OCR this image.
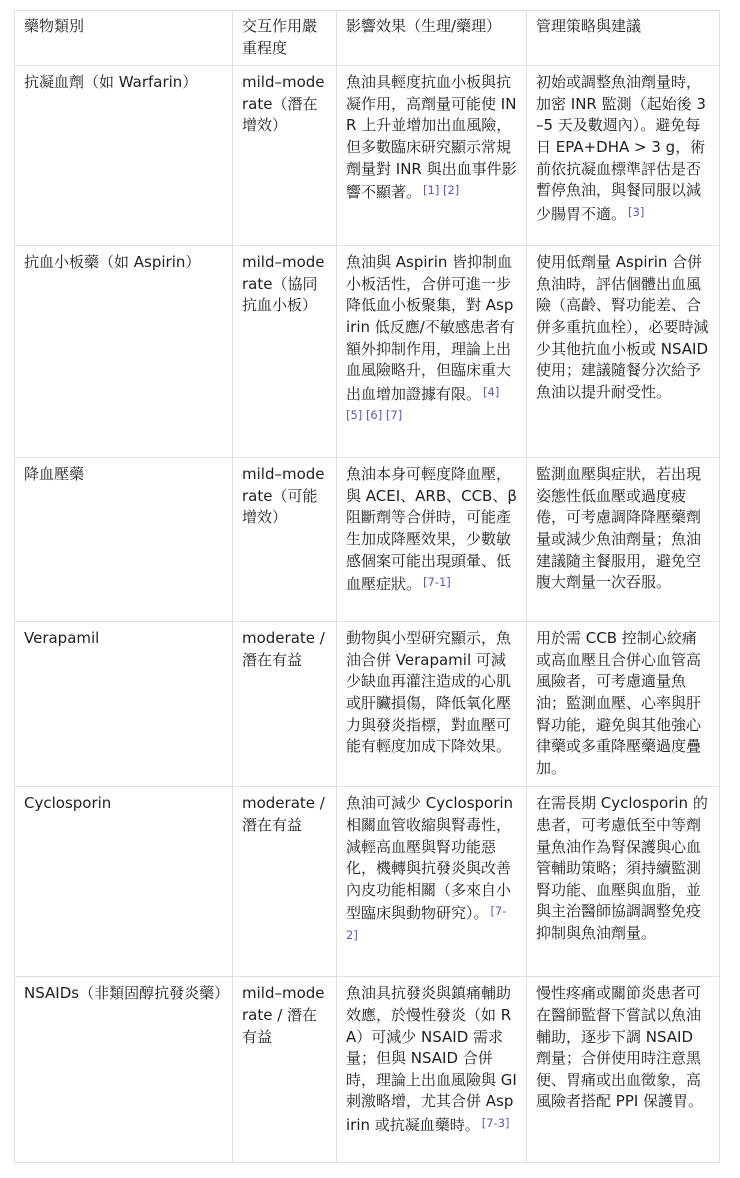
藥物類別	交互作用嚴重程度	影響效果（生理/藥理）	管理策略與建議
抗凝血劑（如 Warfarin）	mild–moderate（潛在增效）	魚油具輕度抗血小板與抗凝作用，高劑量可能使 INR 上升並增加出血風險，但多數臨床研究顯示常規劑量對 INR 與出血事件影響不顯著。 [1] [2]	初始或調整魚油劑量時，加密 INR 監測（起始後 3–5 天及數週內）。避免每日 EPA+DHA > 3 g，術前依抗凝血標準評估是否暫停魚油，與餐同服以減少腸胃不適。 [3]
抗血小板藥（如 Aspirin）	mild–moderate（協同抗血小板）	魚油與 Aspirin 皆抑制血小板活性，合併可進一步降低血小板聚集，對 Aspirin 低反應/不敏感患者有額外抑制作用，理論上出血風險略升，但臨床重大出血增加證據有限。 [4] [5] [6] [7]	使用低劑量 Aspirin 合併魚油時，評估個體出血風險（高齡、腎功能差、合併多重抗血栓），必要時減少其他抗血小板或 NSAID 使用；建議隨餐分次給予魚油以提升耐受性。
降血壓藥	mild–moderate（可能增效）	魚油本身可輕度降血壓，與 ACEI、ARB、CCB、β 阻斷劑等合併時，可能產生加成降壓效果，少數敏感個案可能出現頭暈、低血壓症狀。 [7-1]	監測血壓與症狀，若出現姿態性低血壓或過度疲倦，可考慮調降降壓藥劑量或減少魚油劑量；魚油建議隨主餐服用，避免空腹大劑量一次吞服。
Verapamil	moderate / 潛在有益	動物與小型研究顯示，魚油合併 Verapamil 可減少缺血再灌注造成的心肌或肝臟損傷，降低氧化壓力與發炎指標，對血壓可能有輕度加成下降效果。	用於需 CCB 控制心絞痛或高血壓且合併心血管高風險者，可考慮適量魚油；監測血壓、心率與肝腎功能，避免與其他強心律藥或多重降壓藥過度疊加。
Cyclosporin	moderate / 潛在有益	魚油可減少 Cyclosporin 相關血管收縮與腎毒性，減輕高血壓與腎功能惡化，機轉與抗發炎與改善內皮功能相關（多來自小型臨床與動物研究）。 [7-2]	在需長期 Cyclosporin 的患者，可考慮低至中等劑量魚油作為腎保護與心血管輔助策略；須持續監測腎功能、血壓與血脂，並與主治醫師協調調整免疫抑制與魚油劑量。
NSAIDs（非類固醇抗發炎藥）	mild–moderate / 潛在有益	魚油具抗發炎與鎮痛輔助效應，於慢性發炎（如 RA）可減少 NSAID 需求量；但與 NSAID 合併時，理論上出血風險與 GI 刺激略增，尤其合併 Aspirin 或抗凝血藥時。 [7-3]	慢性疼痛或關節炎患者可在醫師監督下嘗試以魚油輔助，逐步下調 NSAID 劑量；合併使用時注意黑便、胃痛或出血徵象，高風險者搭配 PPI 保護胃。
